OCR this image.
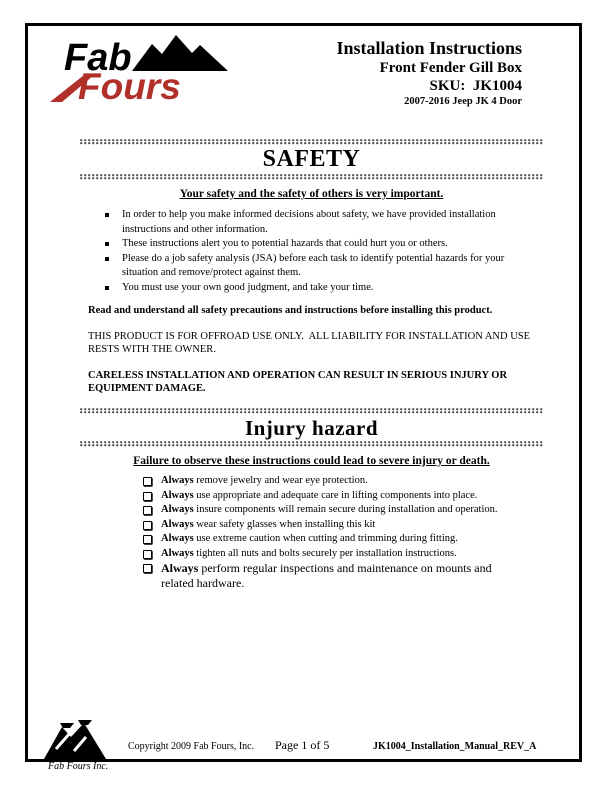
Fab
Fours
Installation Instructions
Front Fender Gill Box
SKU:  JK1004
2007-2016 Jeep JK 4 Door
SAFETY
Your safety and the safety of others is very important.
In order to help you make informed decisions about safety, we have provided installation instructions and other information.
These instructions alert you to potential hazards that could hurt you or others.
Please do a job safety analysis (JSA) before each task to identify potential hazards for your situation and remove/protect against them.
You must use your own good judgment, and take your time.

Read and understand all safety precautions and instructions before installing this product.

THIS PRODUCT IS FOR OFFROAD USE ONLY.  ALL LIABILITY FOR INSTALLATION AND USE RESTS WITH THE OWNER.

CARELESS INSTALLATION AND OPERATION CAN RESULT IN SERIOUS INJURY OR EQUIPMENT DAMAGE.

Injury hazard
Failure to observe these instructions could lead to severe injury or death.
Always remove jewelry and wear eye protection.
Always use appropriate and adequate care in lifting components into place.
Always insure components will remain secure during installation and operation.
Always wear safety glasses when installing this kit
Always use extreme caution when cutting and trimming during fitting.
Always tighten all nuts and bolts securely per installation instructions.
Always perform regular inspections and maintenance on mounts and related hardware.
Fab Fours Inc.
Copyright 2009 Fab Fours, Inc. Page 1 of 5	JK1004_Installation_Manual_REV_A
